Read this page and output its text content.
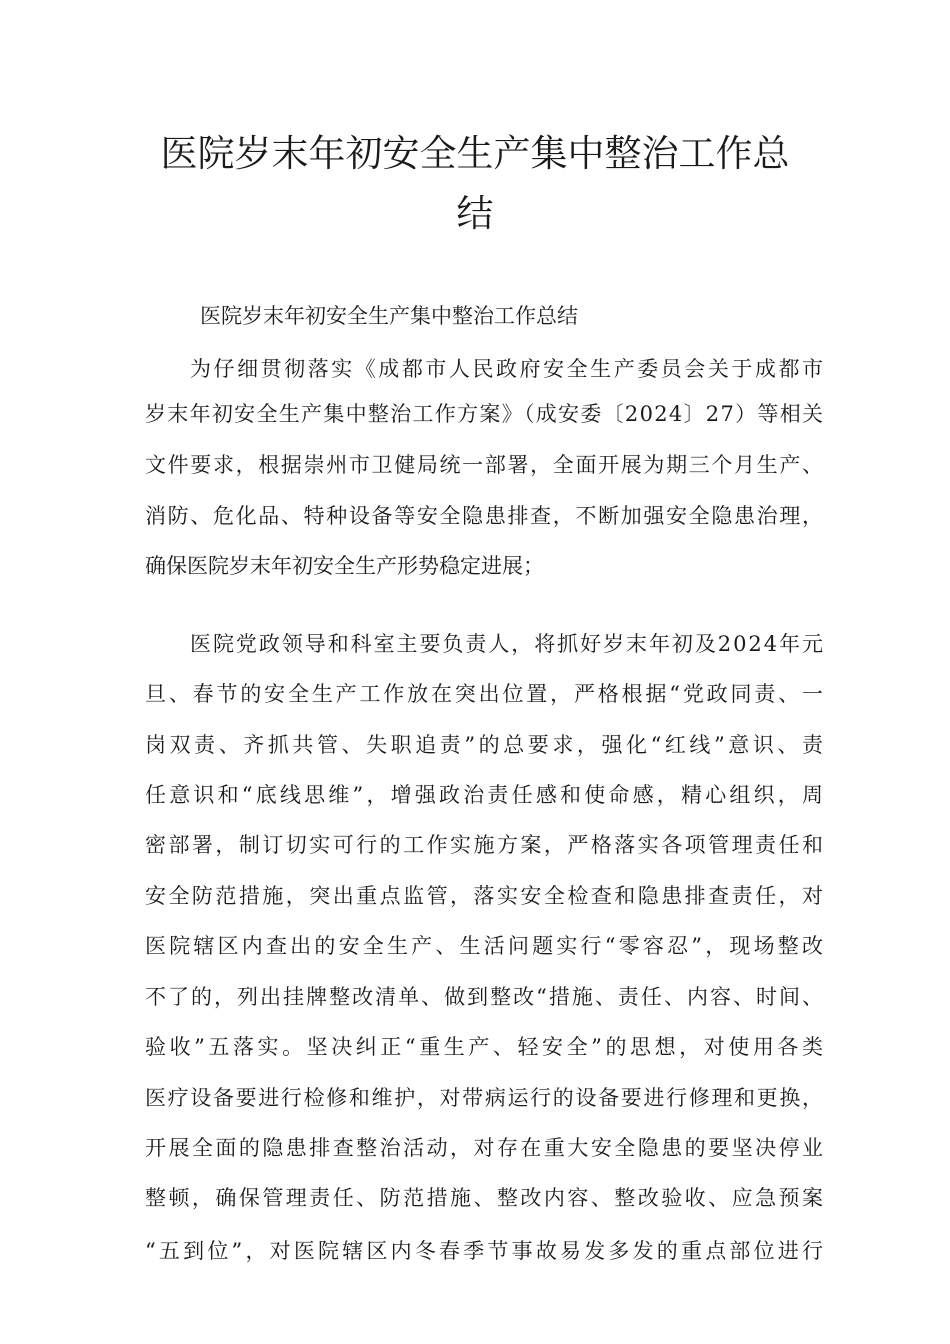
医院岁末年初安全生产集中整治工作总
结
医院岁末年初安全生产集中整治工作总结
为仔细贯彻落实《成都市人民政府安全生产委员会关于成都市
岁末年初安全生产集中整治工作方案》（成安委〔2024〕27）等相关
文件要求，根据崇州市卫健局统一部署，全面开展为期三个月生产、
消防、危化品、特种设备等安全隐患排查，不断加强安全隐患治理，
确保医院岁末年初安全生产形势稳定进展；
医院党政领导和科室主要负责人，将抓好岁末年初及2024年元
旦、春节的安全生产工作放在突出位置，严格根据“党政同责、一
岗双责、齐抓共管、失职追责”的总要求，强化“红线”意识、责
任意识和“底线思维”，增强政治责任感和使命感，精心组织，周
密部署，制订切实可行的工作实施方案，严格落实各项管理责任和
安全防范措施，突出重点监管，落实安全检查和隐患排查责任，对
医院辖区内查出的安全生产、生活问题实行“零容忍”，现场整改
不了的，列出挂牌整改清单、做到整改“措施、责任、内容、时间、
验收”五落实。坚决纠正“重生产、轻安全”的思想，对使用各类
医疗设备要进行检修和维护，对带病运行的设备要进行修理和更换，
开展全面的隐患排查整治活动，对存在重大安全隐患的要坚决停业
整顿，确保管理责任、防范措施、整改内容、整改验收、应急预案
“五到位”，对医院辖区内冬春季节事故易发多发的重点部位进行
